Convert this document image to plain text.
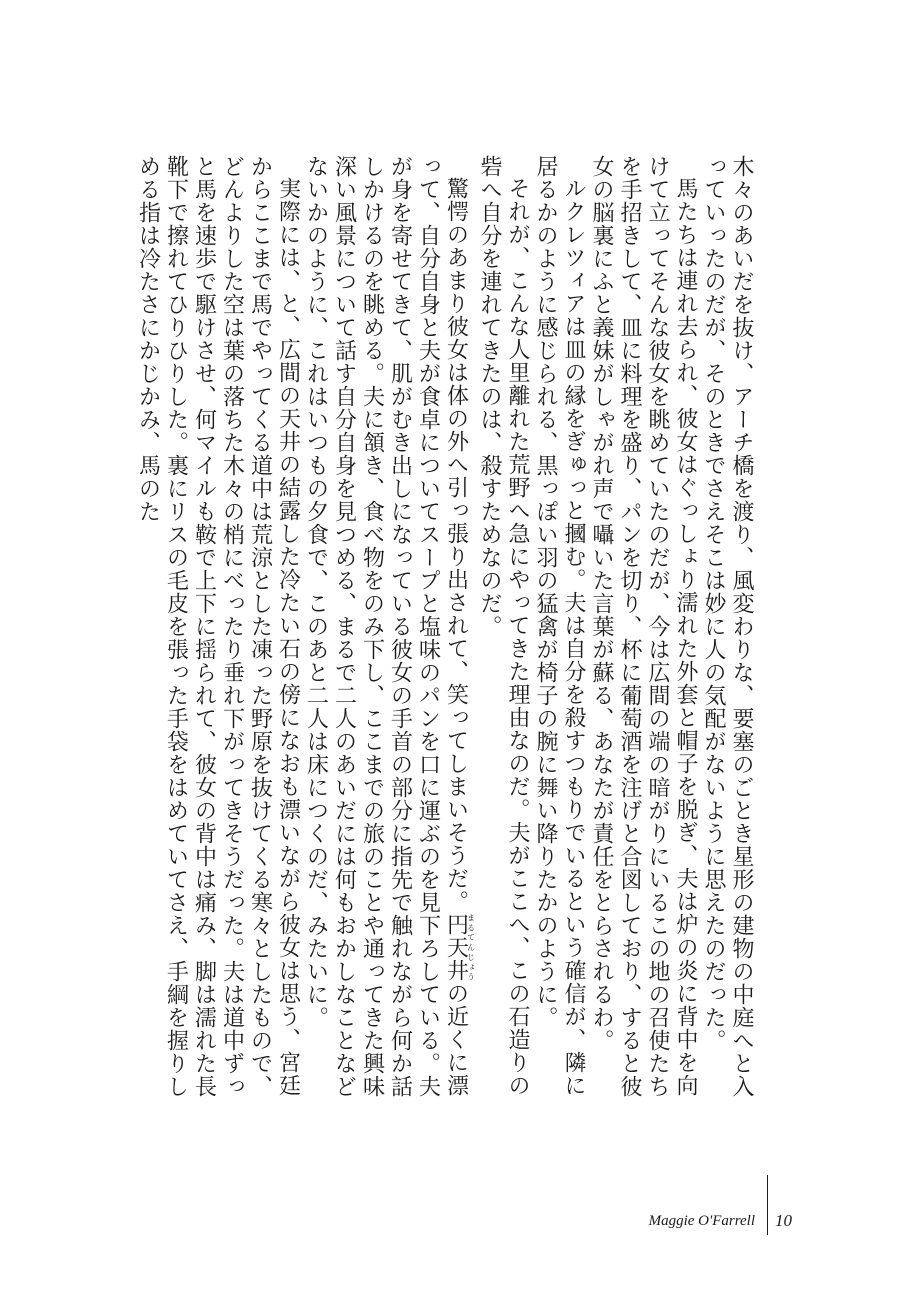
木々のあいだを抜け、アーチ橋を渡り、風変わりな、要塞のごとき星形の建物の中庭へと入っていったのだが、そのときでさえそこは妙に人の気配がないように思えたのだった。

馬たちは連れ去られ、彼女はぐっしょり濡れた外套と帽子を脱ぎ、夫は炉の炎に背中を向けて立ってそんな彼女を眺めていたのだが、今は広間の端の暗がりにいるこの地の召使たちを手招きして、皿に料理を盛り、パンを切り、杯に葡萄酒を注げと合図しており、すると彼女の脳裏にふと義妹がしゃがれ声で囁いた言葉が蘇る、あなたが責任をとらされるわ。

ルクレツィアは皿の縁をぎゅっと摑む。夫は自分を殺すつもりでいるという確信が、隣に居るかのように感じられる、黒っぽい羽の猛禽が椅子の腕に舞い降りたかのように。

それが、こんな人里離れた荒野へ急にやってきた理由なのだ。夫がここへ、この石造りの砦へ自分を連れてきたのは、殺すためなのだ。

驚愕のあまり彼女は体の外へ引っ張り出されて、笑ってしまいそうだ。円天井まるてんじょうの近くに漂って、自分自身と夫が食卓についてスープと塩味のパンを口に運ぶのを見下ろしている。夫が身を寄せてきて、肌がむき出しになっている彼女の手首の部分に指先で触れながら何か話しかけるのを眺める。夫に頷き、食べ物をのみ下し、ここまでの旅のことや通ってきた興味深い風景について話す自分自身を見つめる、まるで二人のあいだには何もおかしなことなどないかのように、これはいつもの夕食で、このあと二人は床につくのだ、みたいに。

実際には、と、広間の天井の結露した冷たい石の傍になおも漂いながら彼女は思う、宮廷からここまで馬でやってくる道中は荒涼とした凍った野原を抜けてくる寒々としたもので、どんよりした空は葉の落ちた木々の梢にべったり垂れ下がってきそうだった。夫は道中ずっと馬を速歩で駆けさせ、何マイルも鞍で上下に揺られて、彼女の背中は痛み、脚は濡れた長靴下で擦れてひりひりした。裏にリスの毛皮を張った手袋をはめていてさえ、手綱を握りしめる指は冷たさにかじかみ、馬のた

Maggie O'Farrell 10
